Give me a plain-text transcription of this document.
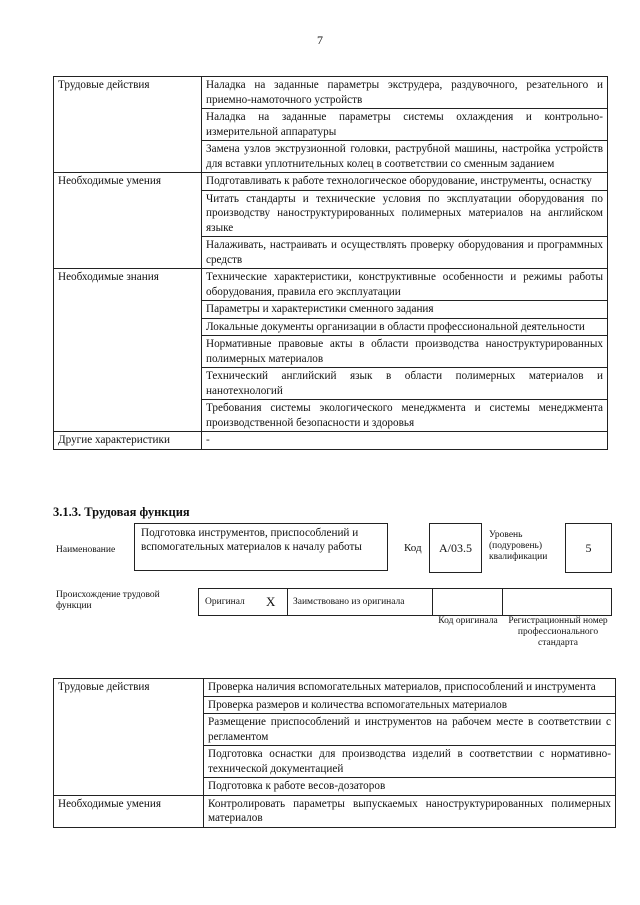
7
Трудовые действия	Наладка на заданные параметры экструдера, раздувочного, резательного и приемно-намоточного устройств
	Наладка на заданные параметры системы охлаждения и контрольно-измерительной аппаратуры
	Замена узлов экструзионной головки, раструбной машины, настройка устройств для вставки уплотнительных колец в соответствии со сменным заданием
Необходимые умения	Подготавливать к работе технологическое оборудование, инструменты, оснастку
	Читать стандарты и технические условия по эксплуатации оборудования по производству наноструктурированных полимерных материалов на английском языке
	Налаживать, настраивать и осуществлять проверку оборудования и программных средств
Необходимые знания	Технические характеристики, конструктивные особенности и режимы работы оборудования, правила его эксплуатации
	Параметры и характеристики сменного задания
	Локальные документы организации в области профессиональной деятельности
	Нормативные правовые акты в области производства наноструктурированных полимерных материалов
	Технический английский язык в области полимерных материалов и нанотехнологий
	Требования системы экологического менеджмента и системы менеджмента производственной безопасности и здоровья
Другие характеристики	-
3.1.3. Трудовая функция
Наименование
Подготовка инструментов, приспособлений и вспомогательных материалов к началу работы	Код A/03.5
Уровень (подуровень) квалификации
5
Происхождение трудовой функции	Оригинал X Заимствовано из оригинала
Код оригинала	Регистрационный номер профессионального стандарта
Трудовые действия	Проверка наличия вспомогательных материалов, приспособлений и инструмента
	Проверка размеров и количества вспомогательных материалов
	Размещение приспособлений и инструментов на рабочем месте в соответствии с регламентом
	Подготовка оснастки для производства изделий в соответствии с нормативно-технической документацией
	Подготовка к работе весов-дозаторов
Необходимые умения	Контролировать параметры выпускаемых наноструктурированных полимерных материалов
